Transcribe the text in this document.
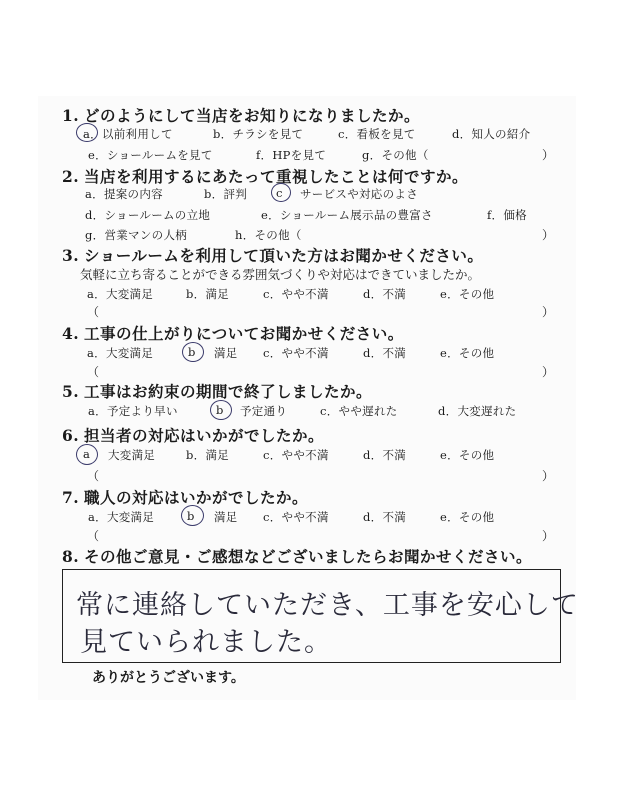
1. どのようにして当店をお知りになりましたか。
a．以前利用して	b．チラシを見て	c．看板を見て	d．知人の紹介
e．ショールームを見て	f．HPを見て	g．その他（	）
2. 当店を利用するにあたって重視したことは何ですか。
a．提案の内容	b．評判	c サービスや対応のよさ
d．ショールームの立地	e．ショールーム展示品の豊富さ	f．価格
g．営業マンの人柄	h．その他（	）
3. ショールームを利用して頂いた方はお聞かせください。
気軽に立ち寄ることができる雰囲気づくりや対応はできていましたか。
a．大変満足	b．満足	c．やや不満	d．不満	e．その他
（	）
4. 工事の仕上がりについてお聞かせください。
a．大変満足	b 満足 c．やや不満	d．不満	e．その他
（	）
5. 工事はお約束の期間で終了しましたか。
a．予定より早い	b 予定通り	c．やや遅れた	d．大変遅れた
6. 担当者の対応はいかがでしたか。
a 大変満足	b．満足	c．やや不満	d．不満	e．その他
（	）
7. 職人の対応はいかがでしたか。
a．大変満足	b 満足 c．やや不満	d．不満	e．その他
（	）
8. その他ご意見・ご感想などございましたらお聞かせください。
常に連絡していただき、工事を安心して
見ていられました。
ありがとうございます。
